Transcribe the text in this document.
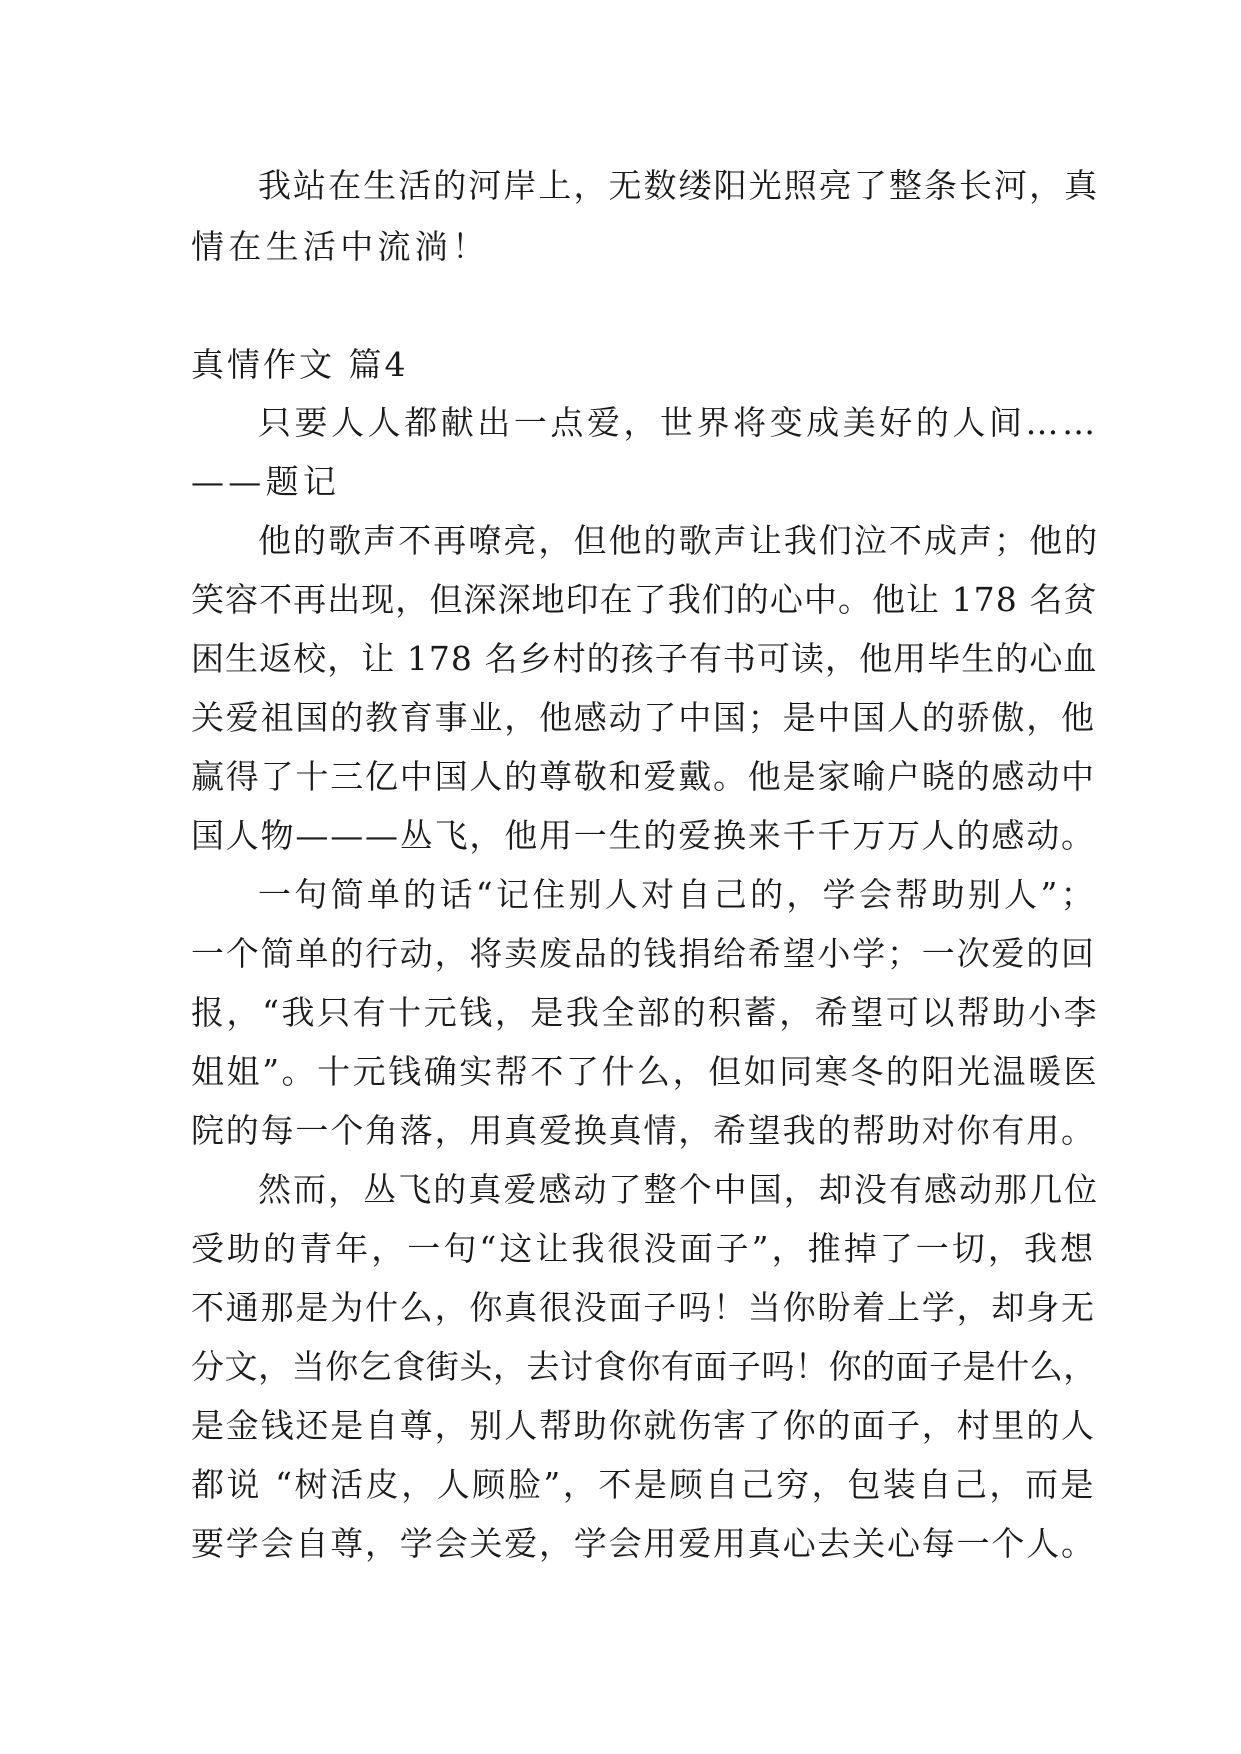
我站在生活的河岸上，无数缕阳光照亮了整条长河，真
情在生活中流淌！
真情作文 篇4
只要人人都献出一点爱，世界将变成美好的人间……
——题记
他的歌声不再嘹亮，但他的歌声让我们泣不成声；他的
笑容不再出现，但深深地印在了我们的心中。他让 178 名贫
困生返校，让 178 名乡村的孩子有书可读，他用毕生的心血
关爱祖国的教育事业，他感动了中国；是中国人的骄傲，他
赢得了十三亿中国人的尊敬和爱戴。他是家喻户晓的感动中
国人物———丛飞，他用一生的爱换来千千万万人的感动。
一句简单的话“记住别人对自己的，学会帮助别人”；
一个简单的行动，将卖废品的钱捐给希望小学；一次爱的回
报，“我只有十元钱，是我全部的积蓄，希望可以帮助小李
姐姐”。十元钱确实帮不了什么，但如同寒冬的阳光温暖医
院的每一个角落，用真爱换真情，希望我的帮助对你有用。
然而，丛飞的真爱感动了整个中国，却没有感动那几位
受助的青年，一句“这让我很没面子”，推掉了一切，我想
不通那是为什么，你真很没面子吗！当你盼着上学，却身无
分文，当你乞食街头，去讨食你有面子吗！你的面子是什么，
是金钱还是自尊，别人帮助你就伤害了你的面子，村里的人
都说 “树活皮，人顾脸”，不是顾自己穷，包装自己，而是
要学会自尊，学会关爱，学会用爱用真心去关心每一个人。
